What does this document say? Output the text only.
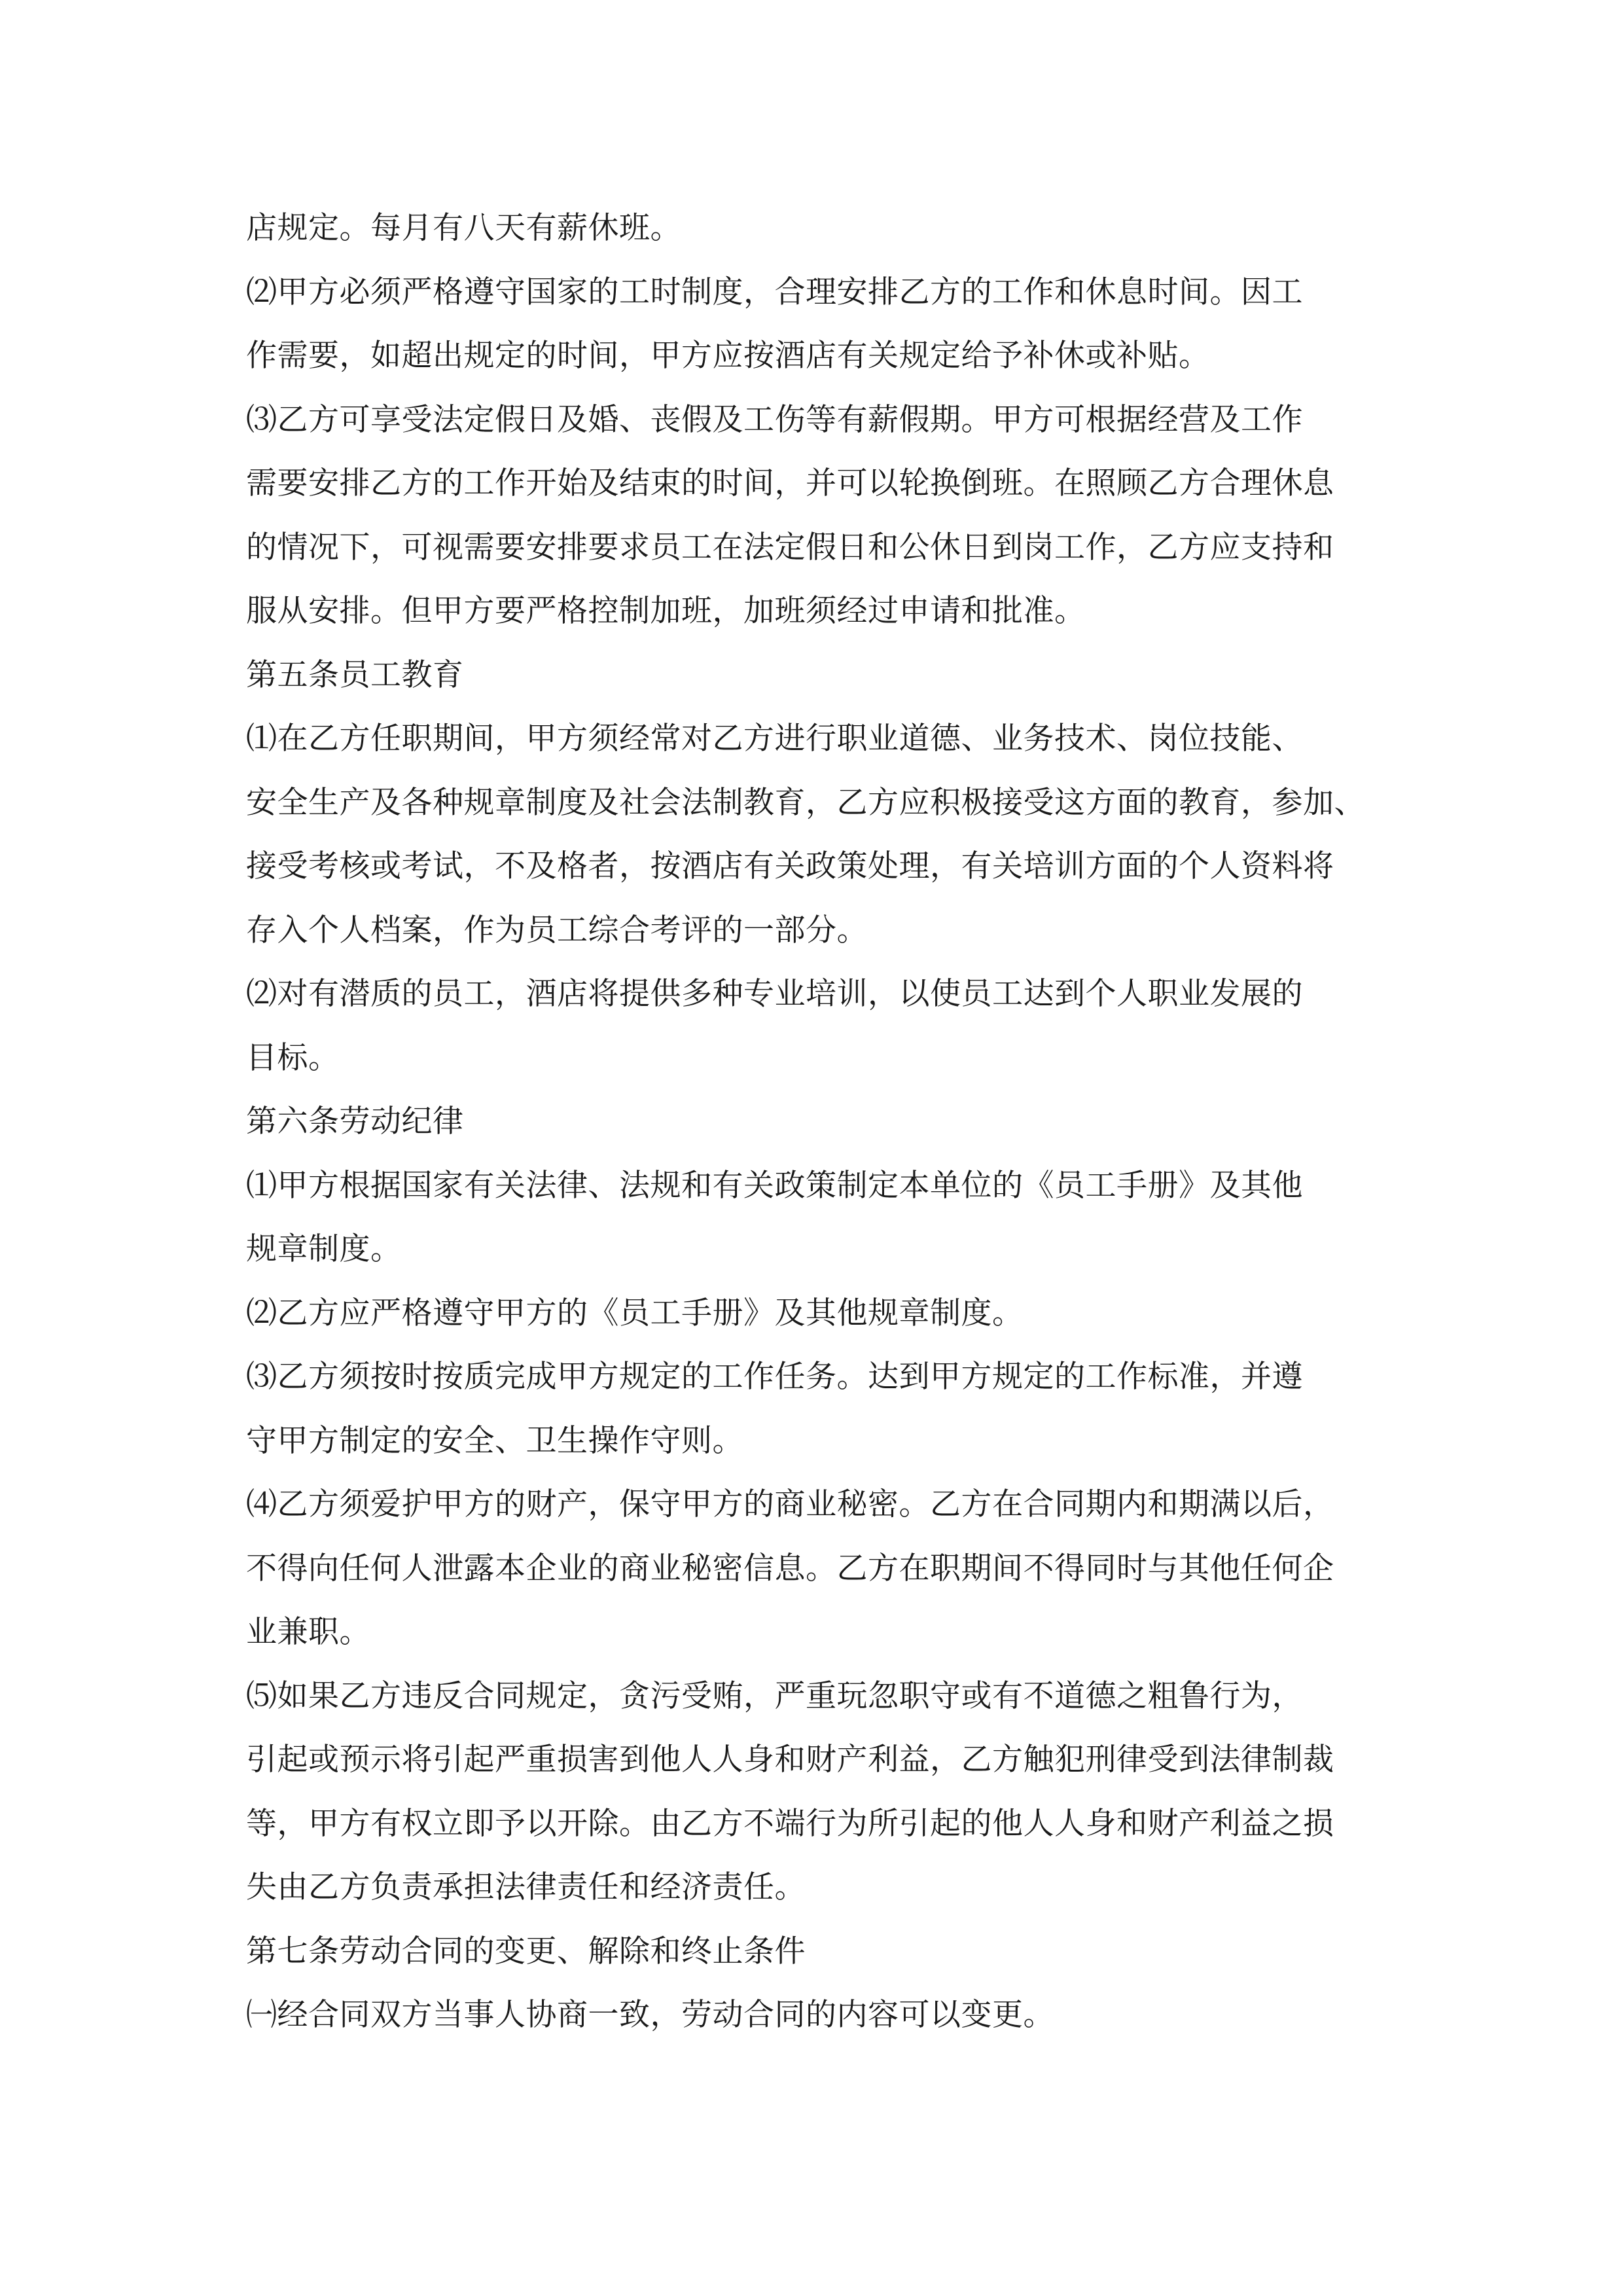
店规定。每月有八天有薪休班。
⑵甲方必须严格遵守国家的工时制度，合理安排乙方的工作和休息时间。因工
作需要，如超出规定的时间，甲方应按酒店有关规定给予补休或补贴。
⑶乙方可享受法定假日及婚、丧假及工伤等有薪假期。甲方可根据经营及工作
需要安排乙方的工作开始及结束的时间，并可以轮换倒班。在照顾乙方合理休息
的情况下，可视需要安排要求员工在法定假日和公休日到岗工作，乙方应支持和
服从安排。但甲方要严格控制加班，加班须经过申请和批准。
第五条员工教育
⑴在乙方任职期间，甲方须经常对乙方进行职业道德、业务技术、岗位技能、
安全生产及各种规章制度及社会法制教育，乙方应积极接受这方面的教育，参加、
接受考核或考试，不及格者，按酒店有关政策处理，有关培训方面的个人资料将
存入个人档案，作为员工综合考评的一部分。
⑵对有潜质的员工，酒店将提供多种专业培训，以使员工达到个人职业发展的
目标。
第六条劳动纪律
⑴甲方根据国家有关法律、法规和有关政策制定本单位的《员工手册》及其他
规章制度。
⑵乙方应严格遵守甲方的《员工手册》及其他规章制度。
⑶乙方须按时按质完成甲方规定的工作任务。达到甲方规定的工作标准，并遵
守甲方制定的安全、卫生操作守则。
⑷乙方须爱护甲方的财产，保守甲方的商业秘密。乙方在合同期内和期满以后，
不得向任何人泄露本企业的商业秘密信息。乙方在职期间不得同时与其他任何企
业兼职。
⑸如果乙方违反合同规定，贪污受贿，严重玩忽职守或有不道德之粗鲁行为，
引起或预示将引起严重损害到他人人身和财产利益，乙方触犯刑律受到法律制裁
等，甲方有权立即予以开除。由乙方不端行为所引起的他人人身和财产利益之损
失由乙方负责承担法律责任和经济责任。
第七条劳动合同的变更、解除和终止条件
㈠经合同双方当事人协商一致，劳动合同的内容可以变更。
